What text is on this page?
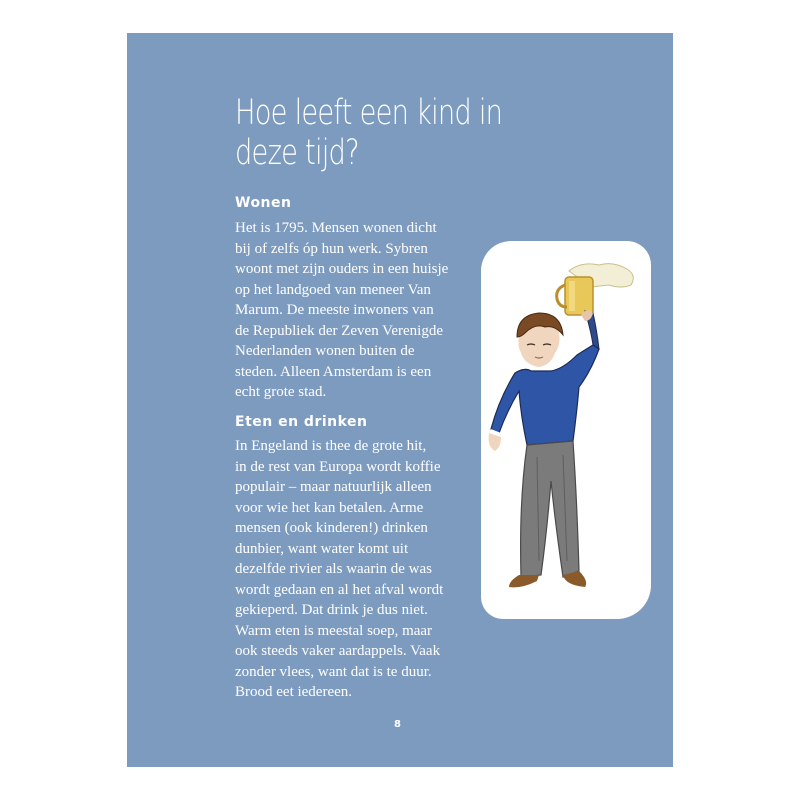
Hoe leeft een kind in deze tijd?
Wonen

Het is 1795. Mensen wonen dicht
bij of zelfs óp hun werk. Sybren
woont met zijn ouders in een huisje
op het landgoed van meneer Van
Marum. De meeste inwoners van
de Republiek der Zeven Verenigde
Nederlanden wonen buiten de
steden. Alleen Amsterdam is een
echt grote stad.

Eten en drinken

In Engeland is thee de grote hit,
in de rest van Europa wordt koffie
populair – maar natuurlijk alleen
voor wie het kan betalen. Arme
mensen (ook kinderen!) drinken
dunbier, want water komt uit
dezelfde rivier als waarin de was
wordt gedaan en al het afval wordt
gekieperd. Dat drink je dus niet.
Warm eten is meestal soep, maar
ook steeds vaker aardappels. Vaak
zonder vlees, want dat is te duur.
Brood eet iedereen.

8
